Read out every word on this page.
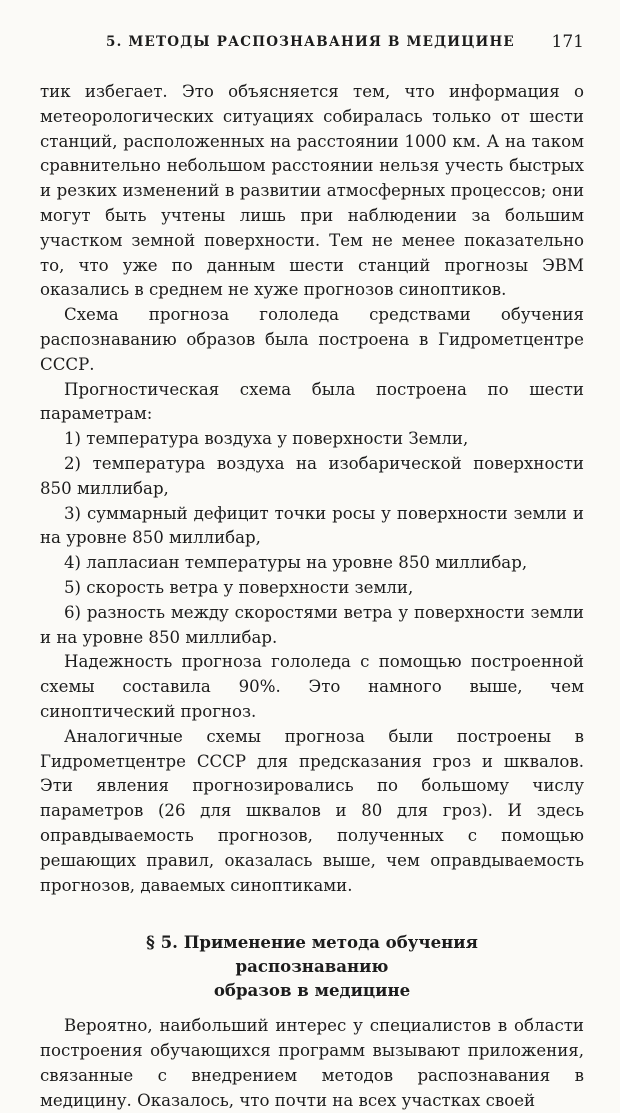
5. МЕТОДЫ РАСПОЗНАВАНИЯ В МЕДИЦИНЕ 171

тик избегает. Это объясняется тем, что информация о метеорологических ситуациях собиралась только от шести станций, расположенных на расстоянии 1000 км. А на таком сравнительно небольшом расстоянии нельзя учесть быстрых и резких изменений в развитии атмосферных процессов; они могут быть учтены лишь при наблюдении за большим участком земной поверхности. Тем не менее показательно то, что уже по данным шести станций прогнозы ЭВМ оказались в среднем не хуже прогнозов синоптиков.

Схема прогноза гололеда средствами обучения распознаванию образов была построена в Гидрометцентре СССР.

Прогностическая схема была построена по шести параметрам:

1) температура воздуха у поверхности Земли,

2) температура воздуха на изобарической поверхности 850 миллибар,

3) суммарный дефицит точки росы у поверхности земли и на уровне 850 миллибар,

4) лапласиан температуры на уровне 850 миллибар,

5) скорость ветра у поверхности земли,

6) разность между скоростями ветра у поверхности земли и на уровне 850 миллибар.

Надежность прогноза гололеда с помощью построенной схемы составила 90%. Это намного выше, чем синоптический прогноз.

Аналогичные схемы прогноза были построены в Гидрометцентре СССР для предсказания гроз и шквалов. Эти явления прогнозировались по большому числу параметров (26 для шквалов и 80 для гроз). И здесь оправдываемость прогнозов, полученных с помощью решающих правил, оказалась выше, чем оправдываемость прогнозов, даваемых синоптиками.

§ 5. Применение метода обучения распознаванию
образов в медицине

Вероятно, наибольший интерес у специалистов в области построения обучающихся программ вызывают приложения, связанные с внедрением методов распознавания в медицину. Оказалось, что почти на всех участках своей
